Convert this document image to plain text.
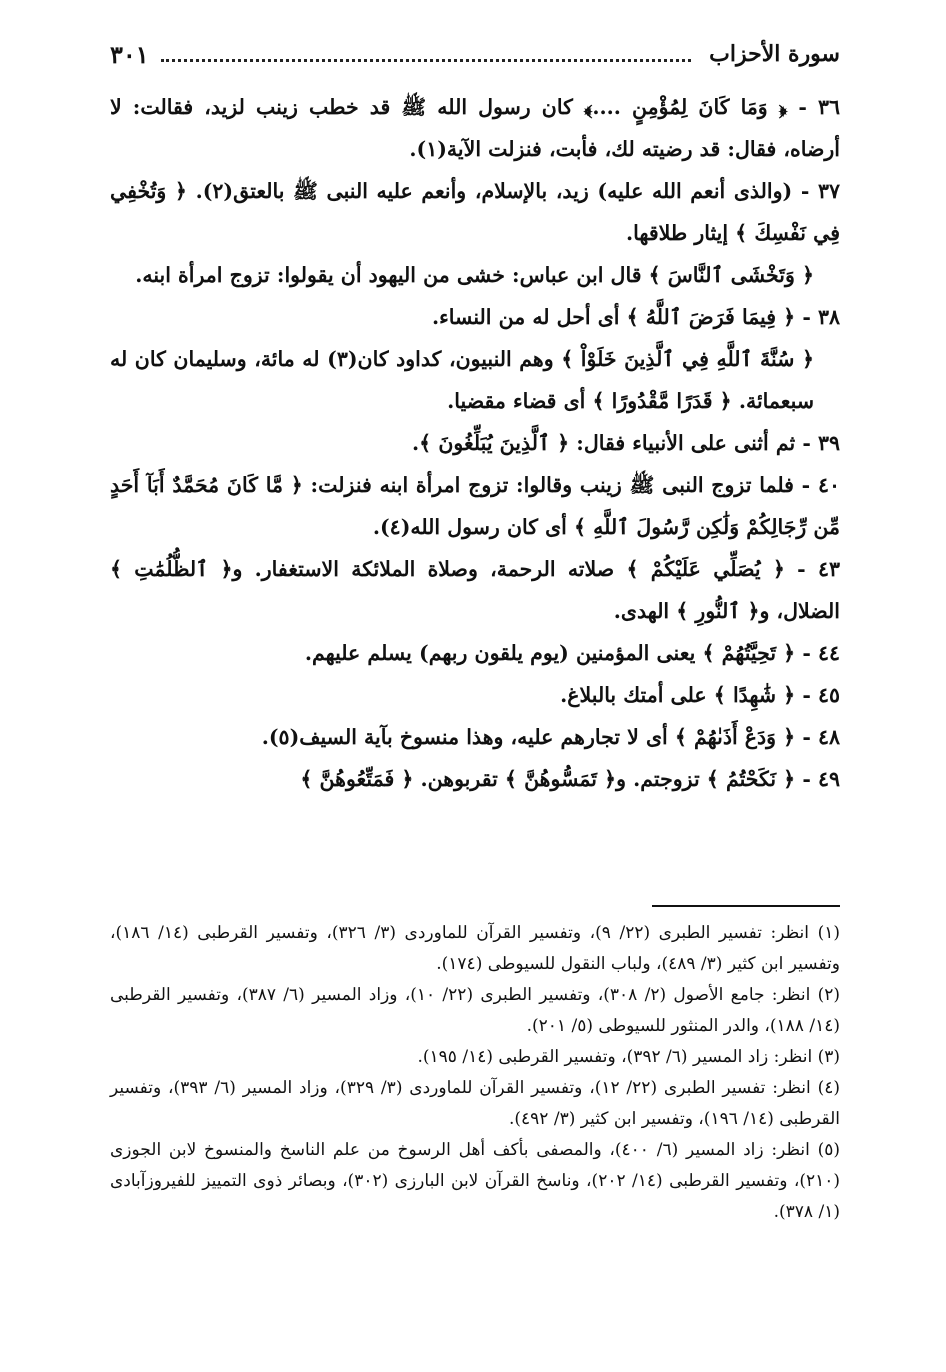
سورة الأحزاب
٣٠١

٣٦ - ﴿ وَمَا كَانَ لِمُؤْمِنٍ ....﴾ كان رسول الله ﷺ قد خطب زينب لزيد، فقالت: لا أرضاه، فقال: قد رضيته لك، فأبت، فنزلت الآية(١).

٣٧ - (والذى أنعم الله عليه) زيد، بالإسلام، وأنعم عليه النبى ﷺ بالعتق(٢). ﴿ وَتُخْفِي فِي نَفْسِكَ ﴾ إيثار طلاقها.

﴿ وَتَخْشَى ٱلنَّاسَ ﴾ قال ابن عباس: خشى من اليهود أن يقولوا: تزوج امرأة ابنه.

٣٨ - ﴿ فِيمَا فَرَضَ ٱللَّهُ ﴾ أى أحل له من النساء.

﴿ سُنَّةَ ٱللَّهِ فِي ٱلَّذِينَ خَلَوْاْ ﴾ وهم النبيون، كداود كان(٣) له مائة، وسليمان كان له سبعمائة. ﴿ قَدَرًا مَّقْدُورًا ﴾ أى قضاء مقضيا.

٣٩ - ثم أثنى على الأنبياء فقال: ﴿ ٱلَّذِينَ يُبَلِّغُونَ ﴾.

٤٠ - فلما تزوج النبى ﷺ زينب وقالوا: تزوج امرأة ابنه فنزلت: ﴿ مَّا كَانَ مُحَمَّدٌ أَبَآ أَحَدٍ مِّن رِّجَالِكُمْ وَلَٰكِن رَّسُولَ ٱللَّهِ ﴾ أى كان رسول الله(٤).

٤٣ - ﴿ يُصَلِّي عَلَيْكُمْ ﴾ صلاته الرحمة، وصلاة الملائكة الاستغفار. و﴿ ٱلظُّلُمَٰتِ ﴾ الضلال، و﴿ ٱلنُّورِ ﴾ الهدى.

٤٤ - ﴿ تَحِيَّتُهُمْ ﴾ يعنى المؤمنين (يوم يلقون ربهم) يسلم عليهم.

٤٥ - ﴿ شَٰهِدًا ﴾ على أمتك بالبلاغ.

٤٨ - ﴿ وَدَعْ أَذَىٰهُمْ ﴾ أى لا تجارهم عليه، وهذا منسوخ بآية السيف(٥).

٤٩ - ﴿ نَكَحْتُمُ ﴾ تزوجتم. و﴿ تَمَسُّوهُنَّ ﴾ تقربوهن. ﴿ فَمَتِّعُوهُنَّ ﴾

(١) انظر: تفسير الطبرى (٢٢/ ٩)، وتفسير القرآن للماوردى (٣/ ٣٢٦)، وتفسير القرطبى (١٤/ ١٨٦)، وتفسير ابن كثير (٣/ ٤٨٩)، ولباب النقول للسيوطى (١٧٤).

(٢) انظر: جامع الأصول (٢/ ٣٠٨)، وتفسير الطبرى (٢٢/ ١٠)، وزاد المسير (٦/ ٣٨٧)، وتفسير القرطبى (١٤/ ١٨٨)، والدر المنثور للسيوطى (٥/ ٢٠١).

(٣) انظر: زاد المسير (٦/ ٣٩٢)، وتفسير القرطبى (١٤/ ١٩٥).

(٤) انظر: تفسير الطبرى (٢٢/ ١٢)، وتفسير القرآن للماوردى (٣/ ٣٢٩)، وزاد المسير (٦/ ٣٩٣)، وتفسير القرطبى (١٤/ ١٩٦)، وتفسير ابن كثير (٣/ ٤٩٢).

(٥) انظر: زاد المسير (٦/ ٤٠٠)، والمصفى بأكف أهل الرسوخ من علم الناسخ والمنسوخ لابن الجوزى (٢١٠)، وتفسير القرطبى (١٤/ ٢٠٢)، وناسخ القرآن لابن البارزى (٣٠٢)، وبصائر ذوى التمييز للفيروزآبادى (١/ ٣٧٨).
